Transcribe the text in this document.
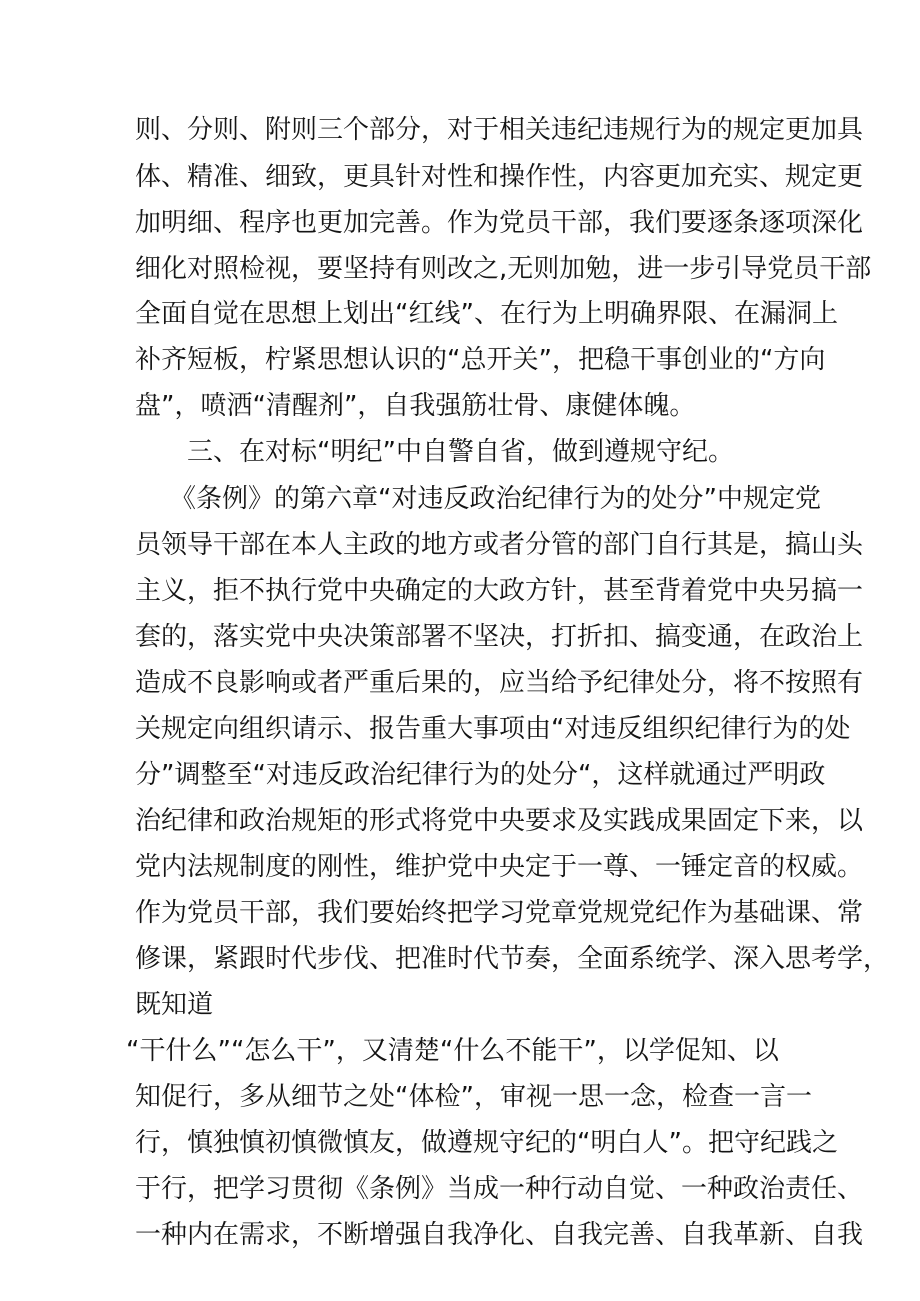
则、分则、附则三个部分，对于相关违纪违规行为的规定更加具
体、精准、细致，更具针对性和操作性，内容更加充实、规定更
加明细、程序也更加完善。作为党员干部，我们要逐条逐项深化
细化对照检视，要坚持有则改之,无则加勉，进一步引导党员干部
全面自觉在思想上划出“红线”、在行为上明确界限、在漏洞上
补齐短板，柠紧思想认识的“总开关”，把稳干事创业的“方向
盘”，喷洒“清醒剂”，自我强筋壮骨、康健体魄。
三、在对标“明纪”中自警自省，做到遵规守纪。
《条例》的第六章“对违反政治纪律行为的处分”中规定党
员领导干部在本人主政的地方或者分管的部门自行其是，搞山头
主义，拒不执行党中央确定的大政方针，甚至背着党中央另搞一
套的，落实党中央决策部署不坚决，打折扣、搞变通，在政治上
造成不良影响或者严重后果的，应当给予纪律处分，将不按照有
关规定向组织请示、报告重大事项由“对违反组织纪律行为的处
分”调整至“对违反政治纪律行为的处分“，这样就通过严明政
治纪律和政治规矩的形式将党中央要求及实践成果固定下来，以
党内法规制度的刚性，维护党中央定于一尊、一锤定音的权威。
作为党员干部，我们要始终把学习党章党规党纪作为基础课、常
修课，紧跟时代步伐、把准时代节奏，全面系统学、深入思考学，
既知道
“干什么”“怎么干”，又清楚“什么不能干”，以学促知、以
知促行，多从细节之处“体检”，审视一思一念，检查一言一
行，慎独慎初慎微慎友，做遵规守纪的“明白人”。把守纪践之
于行，把学习贯彻《条例》当成一种行动自觉、一种政治责任、
一种内在需求，不断增强自我净化、自我完善、自我革新、自我
